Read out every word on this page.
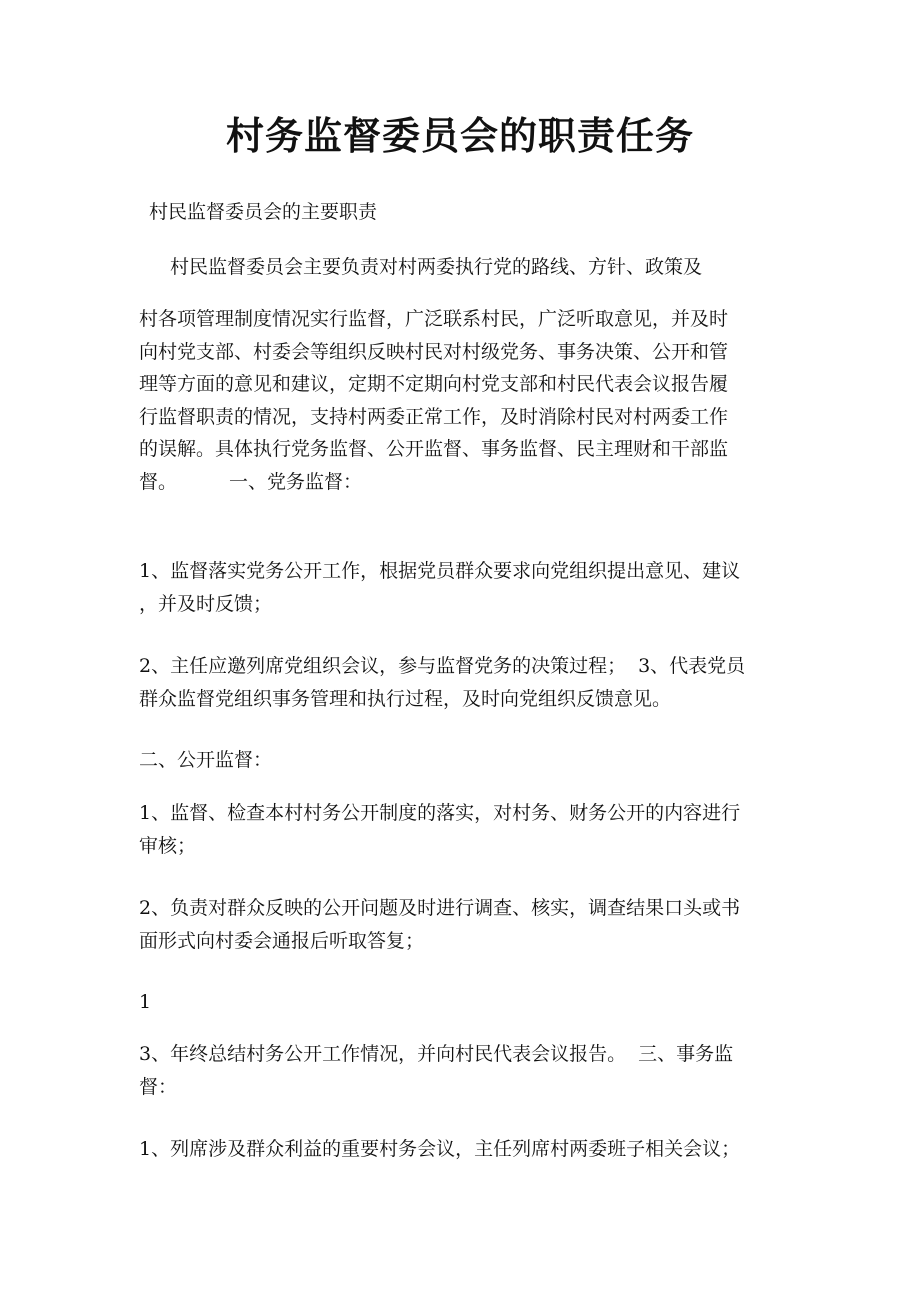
村务监督委员会的职责任务

村民监督委员会的主要职责

村民监督委员会主要负责对村两委执行党的路线、方针、政策及

村各项管理制度情况实行监督，广泛联系村民，广泛听取意见，并及时
向村党支部、村委会等组织反映村民对村级党务、事务决策、公开和管
理等方面的意见和建议，定期不定期向村党支部和村民代表会议报告履
行监督职责的情况，支持村两委正常工作，及时消除村民对村两委工作
的误解。具体执行党务监督、公开监督、事务监督、民主理财和干部监
督。	一、党务监督：
1、监督落实党务公开工作，根据党员群众要求向党组织提出意见、建议
，并及时反馈；
2、主任应邀列席党组织会议，参与监督党务的决策过程； 3、代表党员
群众监督党组织事务管理和执行过程，及时向党组织反馈意见。

二、公开监督：

1、监督、检查本村村务公开制度的落实，对村务、财务公开的内容进行
审核；
2、负责对群众反映的公开问题及时进行调查、核实，调查结果口头或书
面形式向村委会通报后听取答复；

1

3、年终总结村务公开工作情况，并向村民代表会议报告。 三、事务监
督：

1、列席涉及群众利益的重要村务会议，主任列席村两委班子相关会议；
